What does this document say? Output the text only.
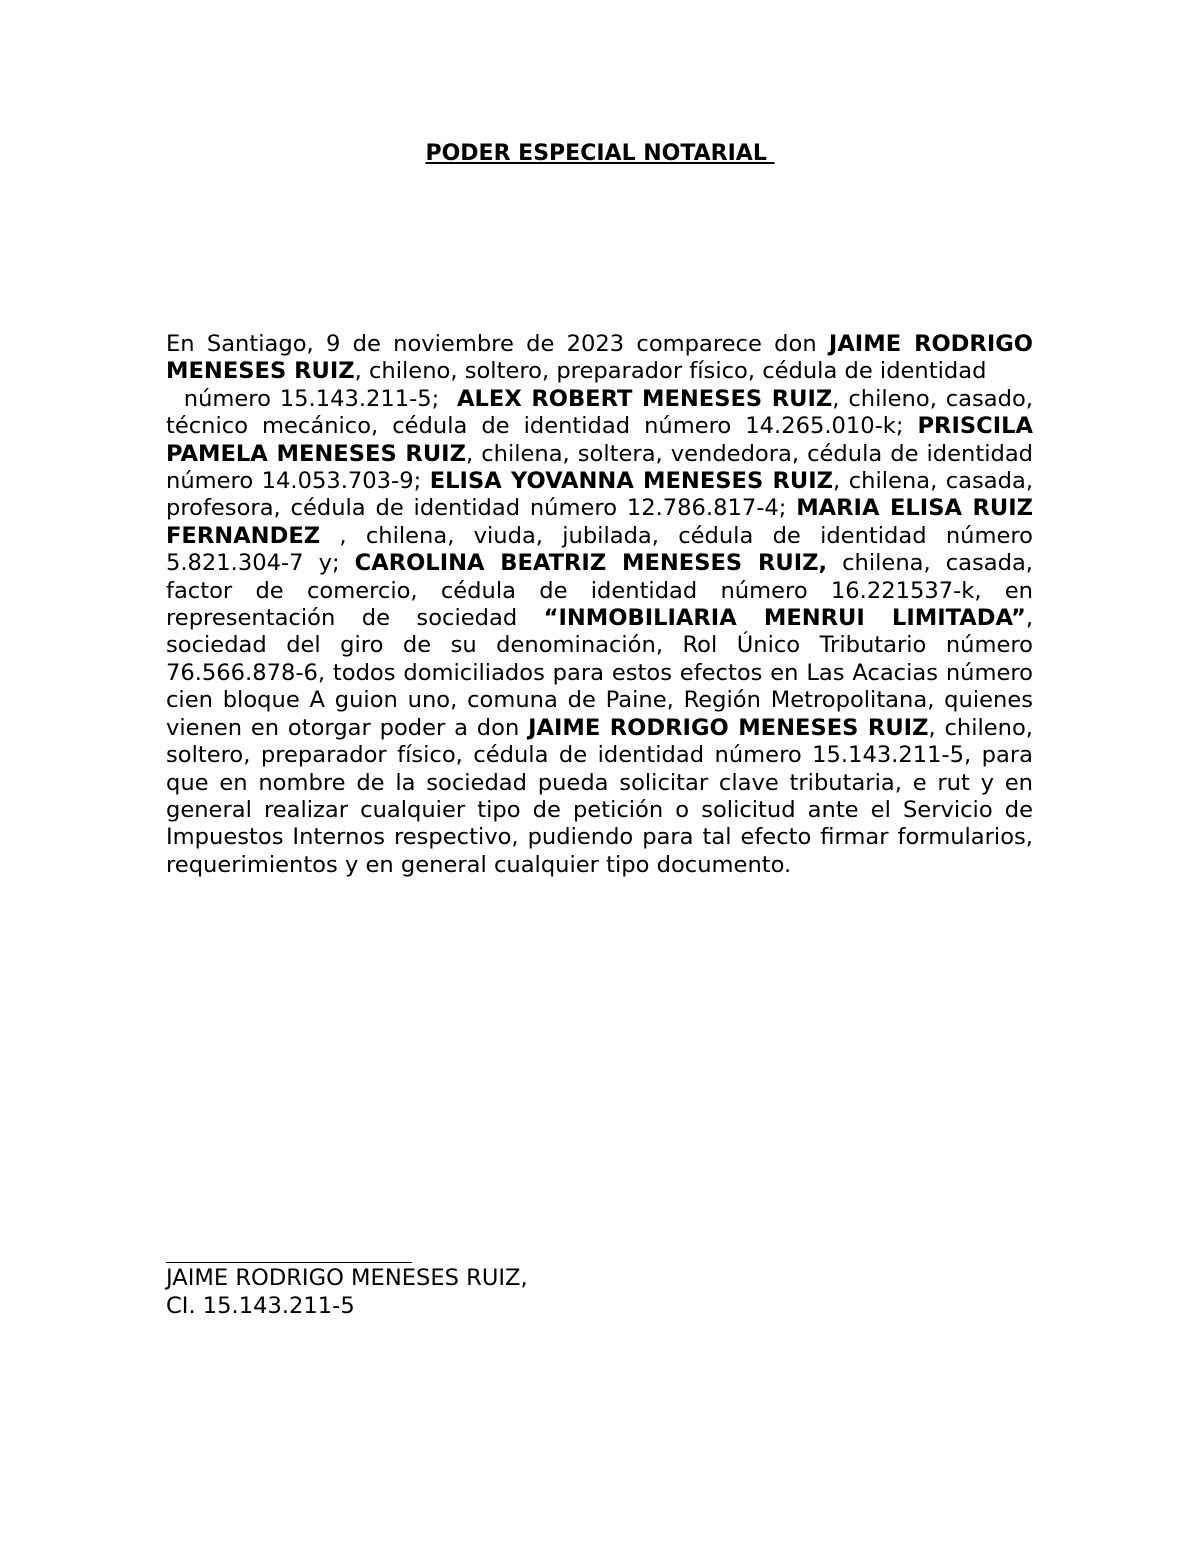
PODER ESPECIAL NOTARIAL
En Santiago, 9 de noviembre de 2023 comparece don JAIME RODRIGO MENESES RUIZ, chileno, soltero, preparador físico, cédula de identidad
número 15.143.211-5;  ALEX ROBERT MENESES RUIZ, chileno, casado, técnico mecánico, cédula de identidad número 14.265.010-k; PRISCILA PAMELA MENESES RUIZ, chilena, soltera, vendedora, cédula de identidad número 14.053.703-9; ELISA YOVANNA MENESES RUIZ, chilena, casada, profesora, cédula de identidad número 12.786.817-4; MARIA ELISA RUIZ FERNANDEZ , chilena, viuda, jubilada, cédula de identidad número 5.821.304-7 y; CAROLINA BEATRIZ MENESES RUIZ, chilena, casada, factor de comercio, cédula de identidad número 16.221537-k, en representación de sociedad “INMOBILIARIA MENRUI LIMITADA”, sociedad del giro de su denominación, Rol Único Tributario número 76.566.878-6, todos domiciliados para estos efectos en Las Acacias número cien bloque A guion uno, comuna de Paine, Región Metropolitana, quienes vienen en otorgar poder a don JAIME RODRIGO MENESES RUIZ, chileno, soltero, preparador físico, cédula de identidad número 15.143.211-5, para que en nombre de la sociedad pueda solicitar clave tributaria, e rut y en general realizar cualquier tipo de petición o solicitud ante el Servicio de Impuestos Internos respectivo, pudiendo para tal efecto firmar formularios, requerimientos y en general cualquier tipo documento.
JAIME RODRIGO MENESES RUIZ,
CI. 15.143.211-5
